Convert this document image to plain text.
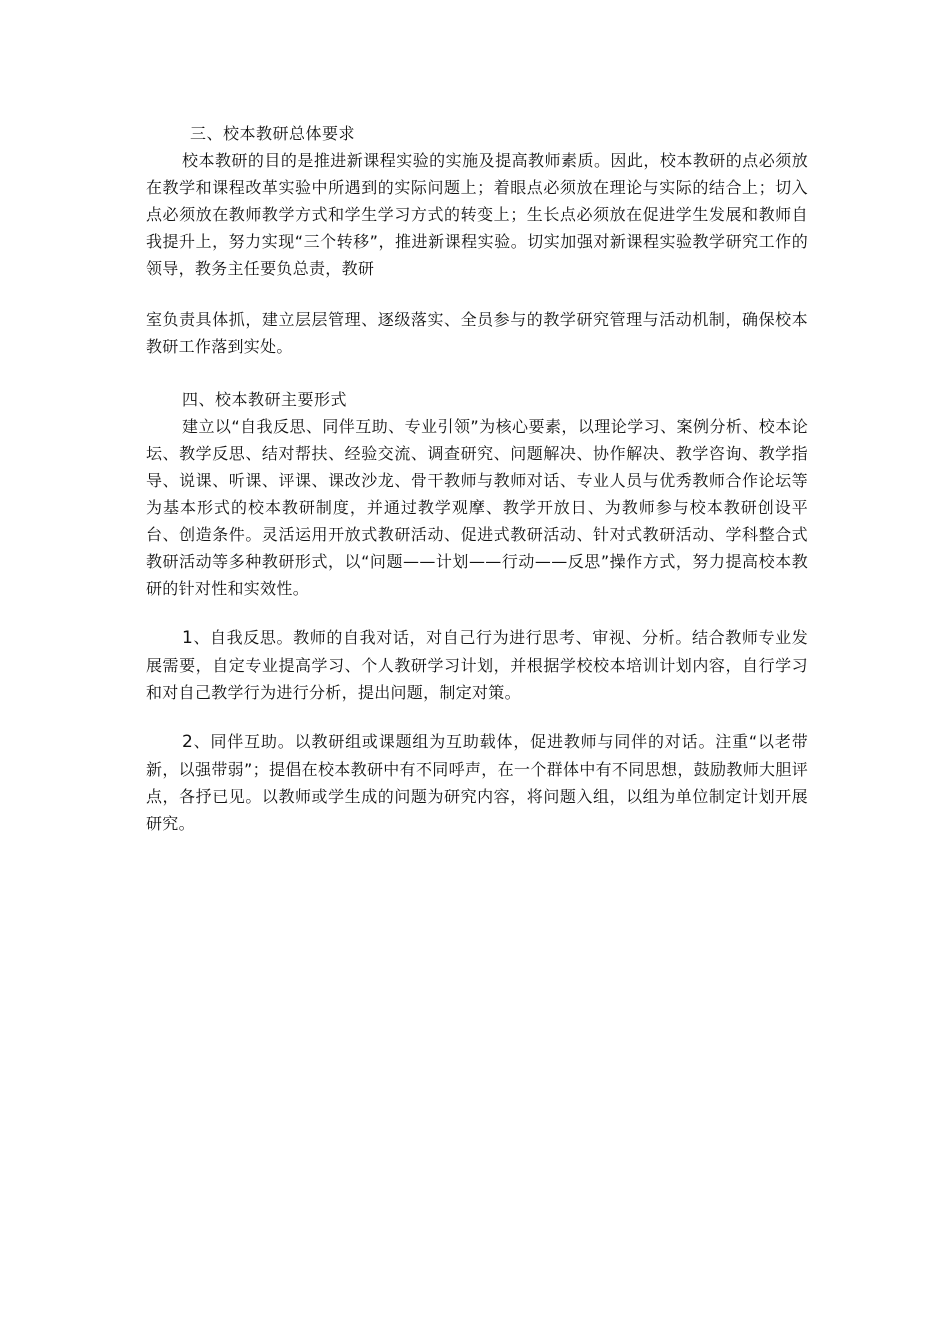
三、校本教研总体要求

校本教研的目的是推进新课程实验的实施及提高教师素质。因此，校本教研的点必须放在教学和课程改革实验中所遇到的实际问题上；着眼点必须放在理论与实际的结合上；切入点必须放在教师教学方式和学生学习方式的转变上；生长点必须放在促进学生发展和教师自我提升上，努力实现“三个转移”，推进新课程实验。切实加强对新课程实验教学研究工作的领导，教务主任要负总责，教研

室负责具体抓，建立层层管理、逐级落实、全员参与的教学研究管理与活动机制，确保校本教研工作落到实处。

四、校本教研主要形式

建立以“自我反思、同伴互助、专业引领”为核心要素，以理论学习、案例分析、校本论坛、教学反思、结对帮扶、经验交流、调查研究、问题解决、协作解决、教学咨询、教学指导、说课、听课、评课、课改沙龙、骨干教师与教师对话、专业人员与优秀教师合作论坛等为基本形式的校本教研制度，并通过教学观摩、教学开放日、为教师参与校本教研创设平台、创造条件。灵活运用开放式教研活动、促进式教研活动、针对式教研活动、学科整合式教研活动等多种教研形式，以“问题——计划——行动——反思”操作方式，努力提高校本教研的针对性和实效性。

1、自我反思。教师的自我对话，对自己行为进行思考、审视、分析。结合教师专业发展需要，自定专业提高学习、个人教研学习计划，并根据学校校本培训计划内容，自行学习和对自己教学行为进行分析，提出问题，制定对策。

2、同伴互助。以教研组或课题组为互助载体，促进教师与同伴的对话。注重“以老带新，以强带弱”；提倡在校本教研中有不同呼声，在一个群体中有不同思想，鼓励教师大胆评点，各抒已见。以教师或学生成的问题为研究内容，将问题入组，以组为单位制定计划开展研究。
